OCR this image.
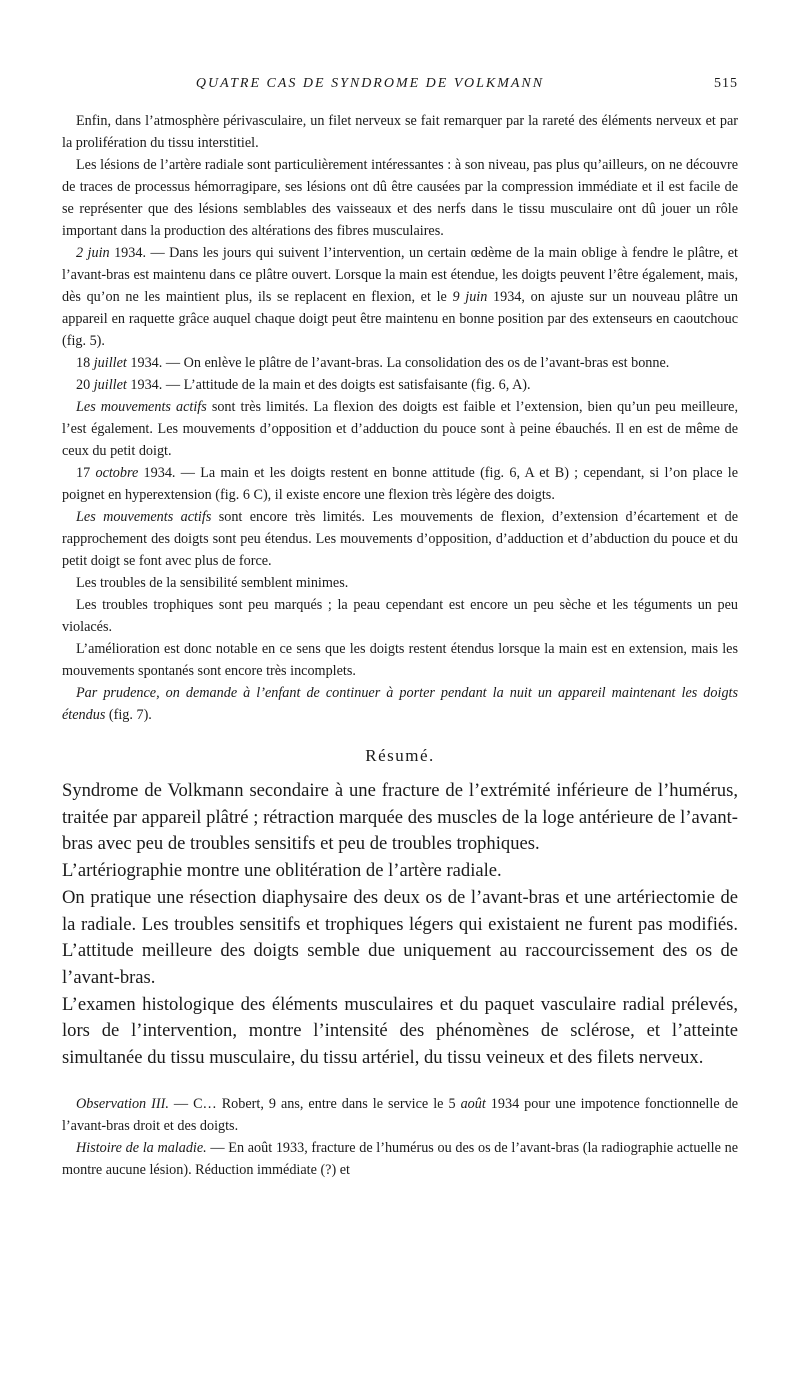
QUATRE CAS DE SYNDROME DE VOLKMANN	515

Enfin, dans l’atmosphère périvasculaire, un filet nerveux se fait remarquer par la rareté des éléments nerveux et par la prolifération du tissu interstitiel.

Les lésions de l’artère radiale sont particulièrement intéressantes : à son niveau, pas plus qu’ailleurs, on ne découvre de traces de processus hémorragipare, ses lésions ont dû être causées par la compression immédiate et il est facile de se représenter que des lésions semblables des vaisseaux et des nerfs dans le tissu musculaire ont dû jouer un rôle important dans la production des altérations des fibres musculaires.

2 juin 1934. — Dans les jours qui suivent l’intervention, un certain œdème de la main oblige à fendre le plâtre, et l’avant-bras est maintenu dans ce plâtre ouvert. Lorsque la main est étendue, les doigts peuvent l’être également, mais, dès qu’on ne les maintient plus, ils se replacent en flexion, et le 9 juin 1934, on ajuste sur un nouveau plâtre un appareil en raquette grâce auquel chaque doigt peut être maintenu en bonne position par des extenseurs en caoutchouc (fig. 5).

18 juillet 1934. — On enlève le plâtre de l’avant-bras. La consolidation des os de l’avant-bras est bonne.

20 juillet 1934. — L’attitude de la main et des doigts est satisfaisante (fig. 6, A).

Les mouvements actifs sont très limités. La flexion des doigts est faible et l’extension, bien qu’un peu meilleure, l’est également. Les mouvements d’opposition et d’adduction du pouce sont à peine ébauchés. Il en est de même de ceux du petit doigt.

17 octobre 1934. — La main et les doigts restent en bonne attitude (fig. 6, A et B) ; cependant, si l’on place le poignet en hyperextension (fig. 6 C), il existe encore une flexion très légère des doigts.

Les mouvements actifs sont encore très limités. Les mouvements de flexion, d’extension d’écartement et de rapprochement des doigts sont peu étendus. Les mouvements d’opposition, d’adduction et d’abduction du pouce et du petit doigt se font avec plus de force.

Les troubles de la sensibilité semblent minimes.

Les troubles trophiques sont peu marqués ; la peau cependant est encore un peu sèche et les téguments un peu violacés.

L’amélioration est donc notable en ce sens que les doigts restent étendus lorsque la main est en extension, mais les mouvements spontanés sont encore très incomplets.

Par prudence, on demande à l’enfant de continuer à porter pendant la nuit un appareil maintenant les doigts étendus (fig. 7).

Résumé.

Syndrome de Volkmann secondaire à une fracture de l’extrémité inférieure de l’humérus, traitée par appareil plâtré ; rétraction marquée des muscles de la loge antérieure de l’avant-bras avec peu de troubles sensitifs et peu de troubles trophiques.

L’artériographie montre une oblitération de l’artère radiale.

On pratique une résection diaphysaire des deux os de l’avant-bras et une artériectomie de la radiale. Les troubles sensitifs et trophiques légers qui existaient ne furent pas modifiés. L’attitude meilleure des doigts semble due uniquement au raccourcissement des os de l’avant-bras.

L’examen histologique des éléments musculaires et du paquet vasculaire radial prélevés, lors de l’intervention, montre l’intensité des phénomènes de sclérose, et l’atteinte simultanée du tissu musculaire, du tissu artériel, du tissu veineux et des filets nerveux.

Observation III. — C… Robert, 9 ans, entre dans le service le 5 août 1934 pour une impotence fonctionnelle de l’avant-bras droit et des doigts.

Histoire de la maladie. — En août 1933, fracture de l’humérus ou des os de l’avant-bras (la radiographie actuelle ne montre aucune lésion). Réduction immédiate (?) et
